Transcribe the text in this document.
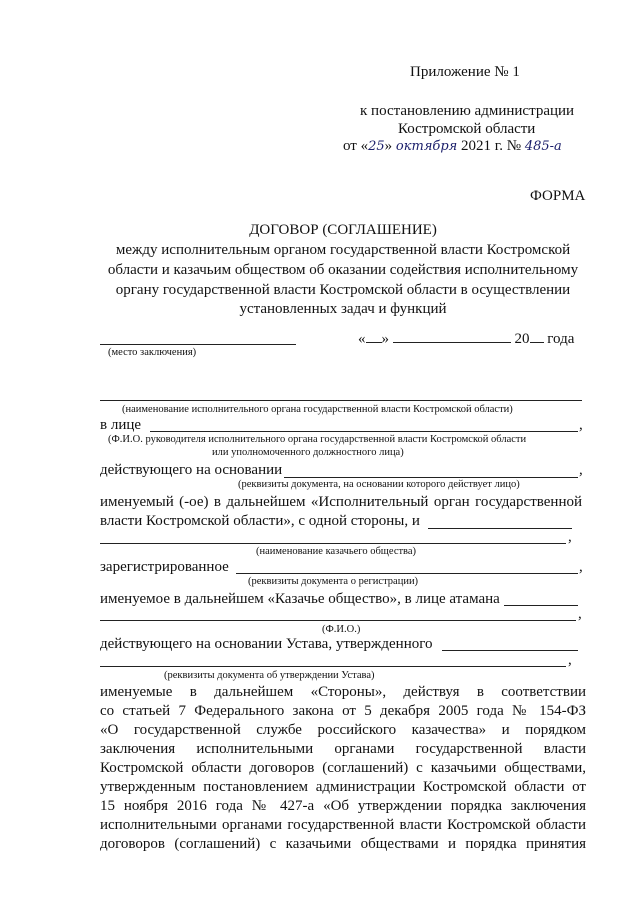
Приложение № 1
к постановлению администрации
Костромской области
от «25» октября 2021 г. № 485-а
ФОРМА
ДОГОВОР (СОГЛАШЕНИЕ)
между исполнительным органом государственной власти Костромской
области и казачьим обществом об оказании содействия исполнительному
органу государственной власти Костромской области в осуществлении
установленных задач и функций
« »	20 года
(место заключения)
(наименование исполнительного органа государственной власти Костромской области)
в лице	,
(Ф.И.О. руководителя исполнительного органа государственной власти Костромской области
или уполномоченного должностного лица)
действующего на основании	,
(реквизиты документа, на основании которого действует лицо)
именуемый (-ое) в дальнейшем «Исполнительный орган государственной
власти Костромской области», с одной стороны, и
,
(наименование казачьего общества)
зарегистрированное	,
(реквизиты документа о регистрации)
именуемое в дальнейшем «Казачье общество», в лице атамана
,
(Ф.И.О.)
действующего на основании Устава, утвержденного
,
(реквизиты документа об утверждении Устава)
именуемые в дальнейшем «Стороны», действуя в соответствии
со статьей 7 Федерального закона от 5 декабря 2005 года № 154-ФЗ
«О государственной службе российского казачества» и порядком
заключения исполнительными органами государственной власти
Костромской области договоров (соглашений) с казачьими обществами,
утвержденным постановлением администрации Костромской области от
15 ноября 2016 года № 427-а «Об утверждении порядка заключения
исполнительными органами государственной власти Костромской области
договоров (соглашений) с казачьими обществами и порядка принятия
